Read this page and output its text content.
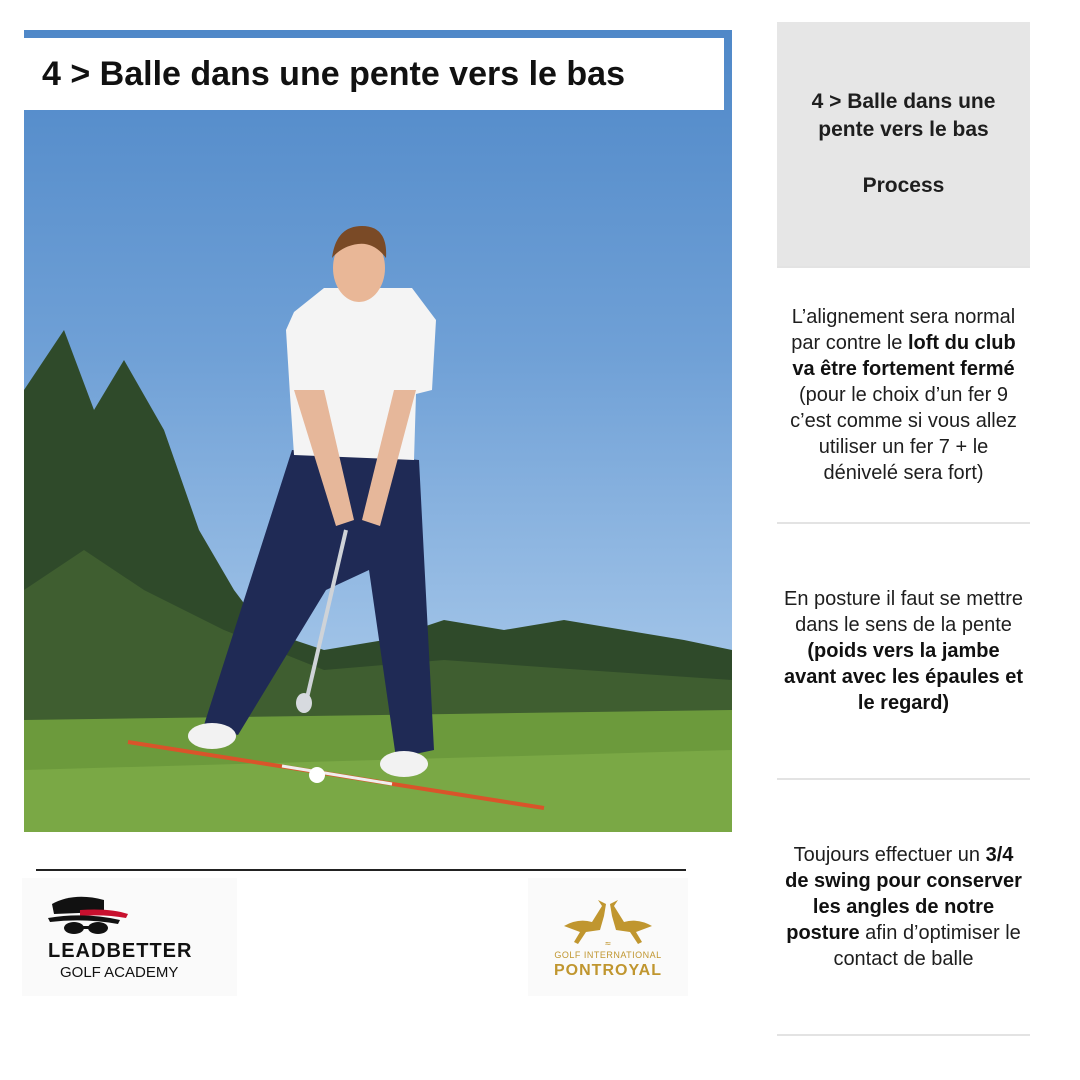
4 > Balle dans une pente vers le bas
LEADBETTER
GOLF ACADEMY
≈
GOLF INTERNATIONAL
PONTROYAL
4 > Balle dans une pente vers le bas
Process

L’alignement sera normal par contre le loft du club va être fortement fermé (pour le choix d’un fer 9 c’est comme si vous allez utiliser un fer 7 + le dénivelé sera fort)

En posture il faut se mettre dans le sens de la pente (poids vers la jambe avant avec les épaules et le regard)

Toujours effectuer un 3/4 de swing pour conserver les angles de notre posture afin d’optimiser le contact de balle
